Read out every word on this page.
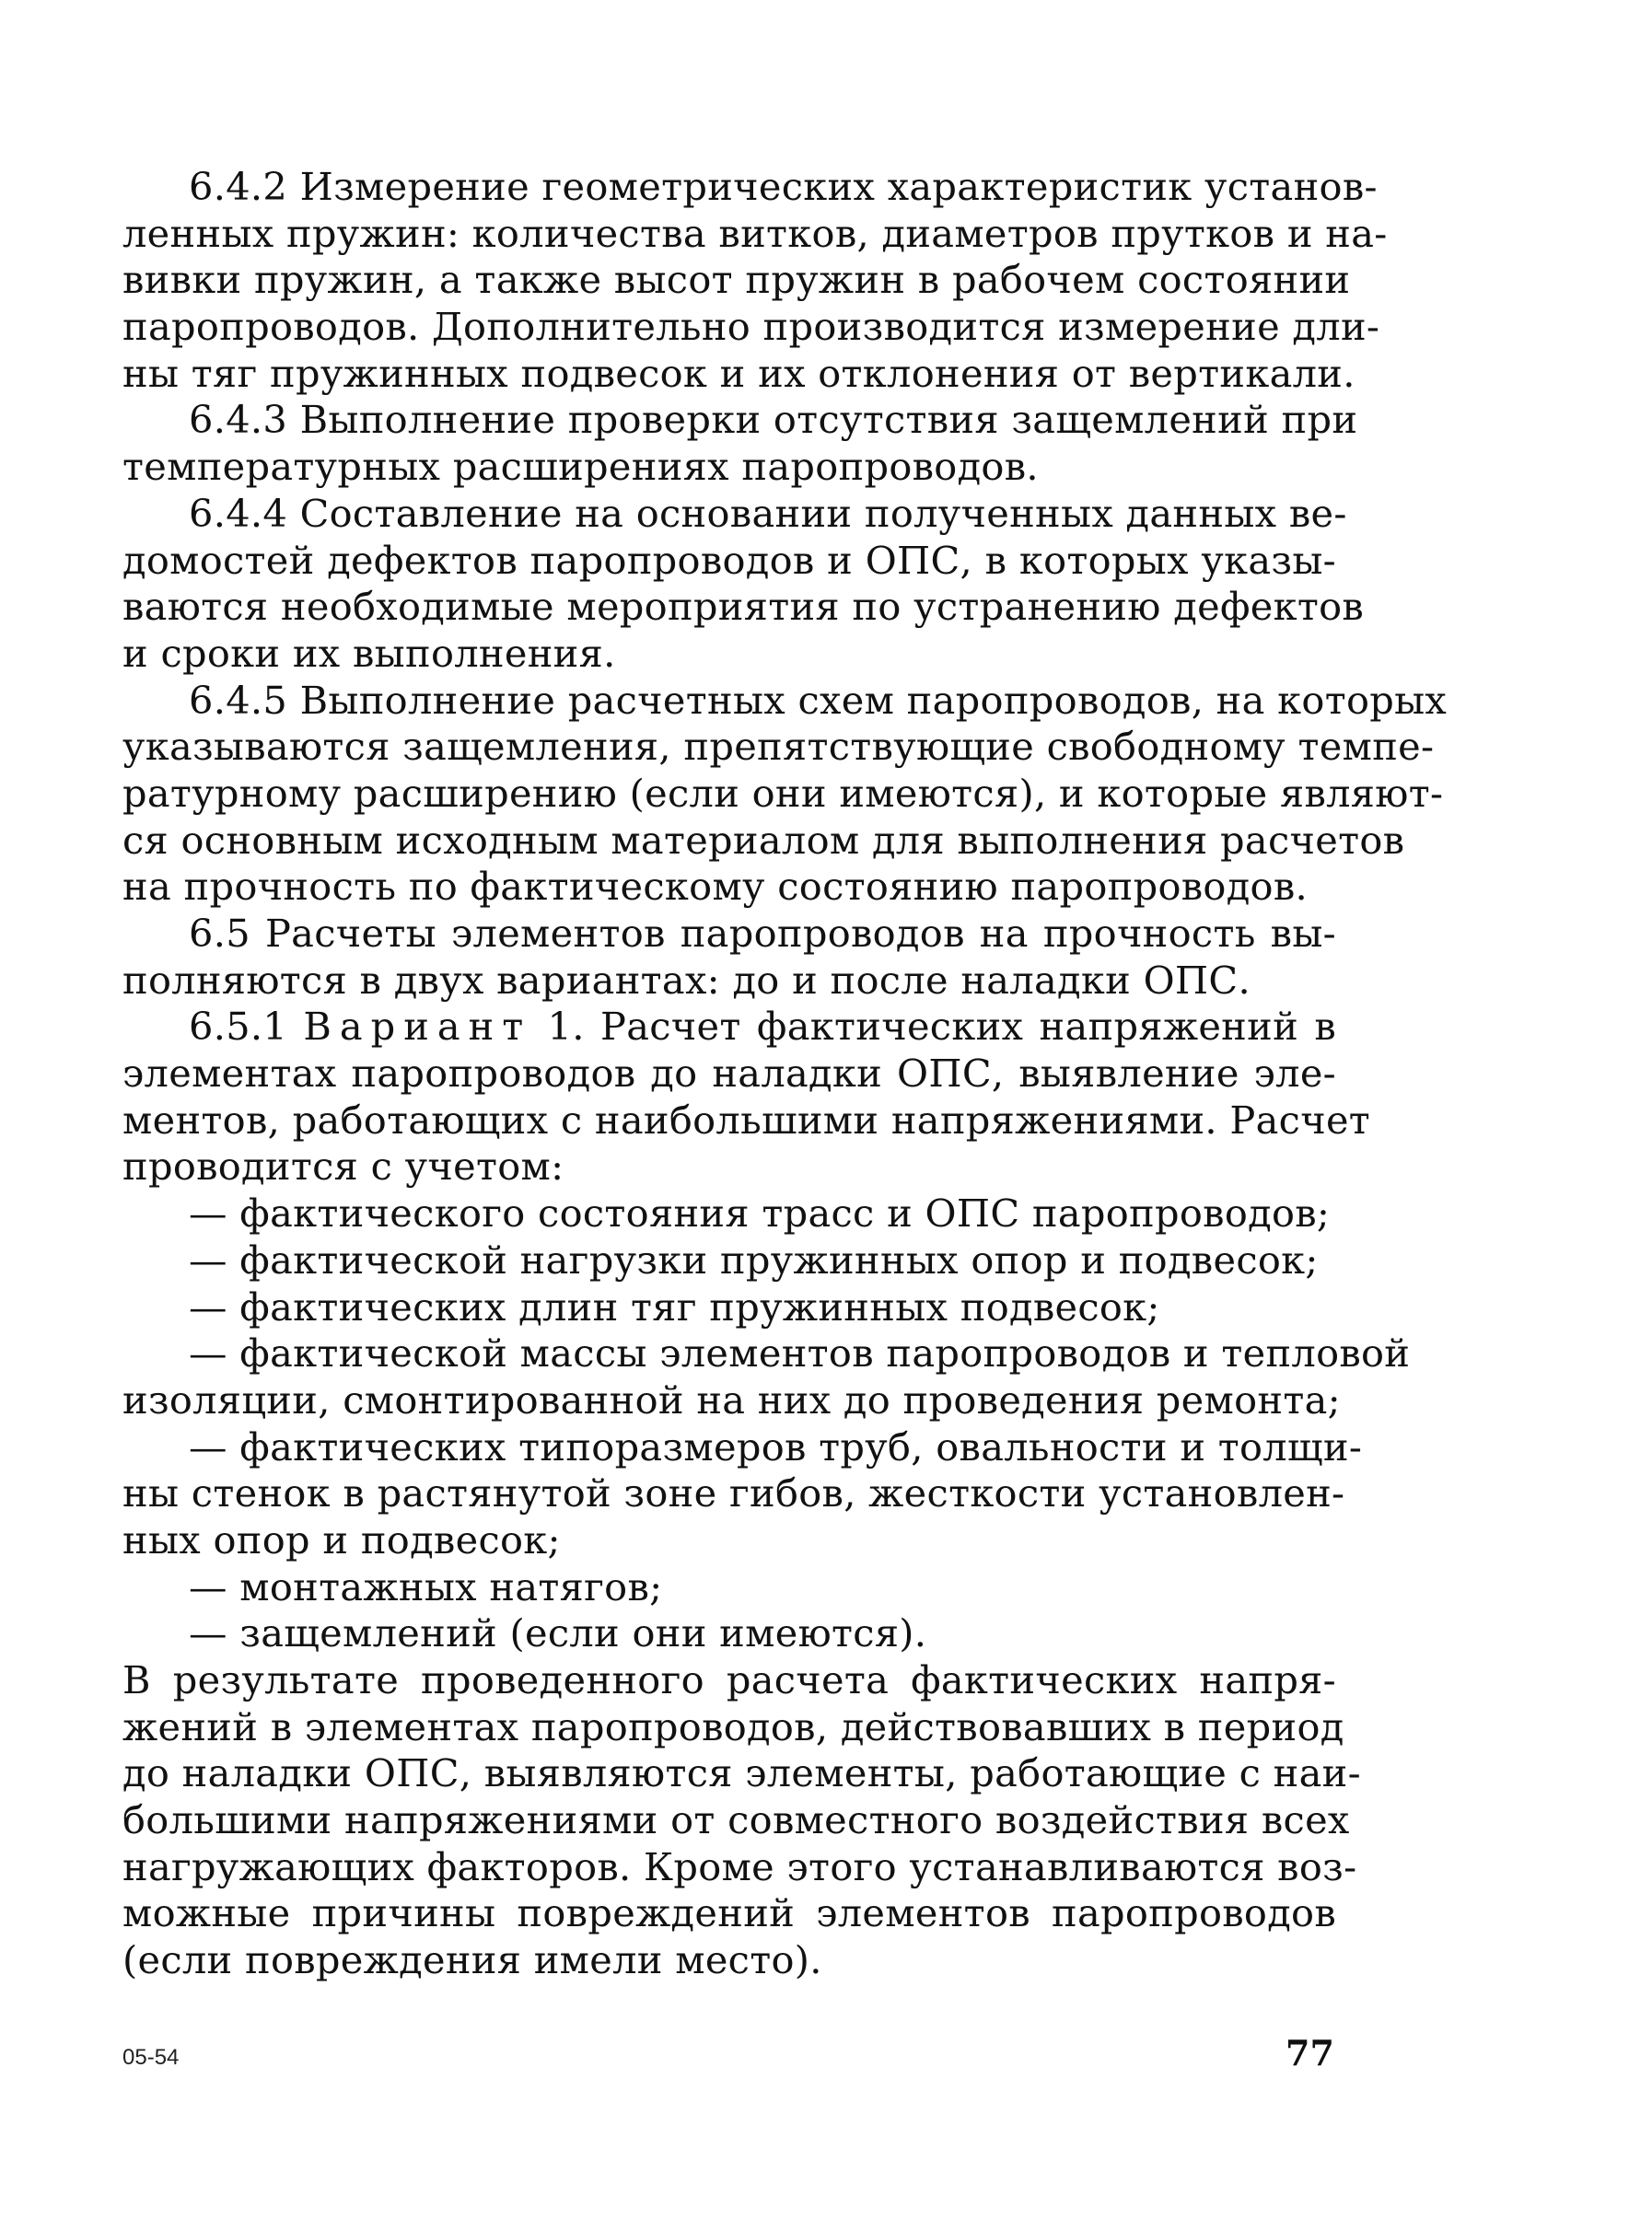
6.4.2 Измерение геометрических характеристик установ-
ленных пружин: количества витков, диаметров прутков и на-
вивки пружин, а также высот пружин в рабочем состоянии
паропроводов. Дополнительно производится измерение дли-
ны тяг пружинных подвесок и их отклонения от вертикали.
6.4.3 Выполнение проверки отсутствия защемлений при
температурных расширениях паропроводов.
6.4.4 Составление на основании полученных данных ве-
домостей дефектов паропроводов и ОПС, в которых указы-
ваются необходимые мероприятия по устранению дефектов
и сроки их выполнения.
6.4.5 Выполнение расчетных схем паропроводов, на которых
указываются защемления, препятствующие свободному темпе-
ратурному расширению (если они имеются), и которые являют-
ся основным исходным материалом для выполнения расчетов
на прочность по фактическому состоянию паропроводов.
6.5 Расчеты элементов паропроводов на прочность вы-
полняются в двух вариантах: до и после наладки ОПС.
6.5.1 Вариант 1. Расчет фактических напряжений в
элементах паропроводов до наладки ОПС, выявление эле-
ментов, работающих с наибольшими напряжениями. Расчет
проводится с учетом:
— фактического состояния трасс и ОПС паропроводов;
— фактической нагрузки пружинных опор и подвесок;
— фактических длин тяг пружинных подвесок;
— фактической массы элементов паропроводов и тепловой
изоляции, смонтированной на них до проведения ремонта;
— фактических типоразмеров труб, овальности и толщи-
ны стенок в растянутой зоне гибов, жесткости установлен-
ных опор и подвесок;
— монтажных натягов;
— защемлений (если они имеются).
В результате проведенного расчета фактических напря-
жений в элементах паропроводов, действовавших в период
до наладки ОПС, выявляются элементы, работающие с наи-
большими напряжениями от совместного воздействия всех
нагружающих факторов. Кроме этого устанавливаются воз-
можные причины повреждений элементов паропроводов
(если повреждения имели место).
05-54	77
